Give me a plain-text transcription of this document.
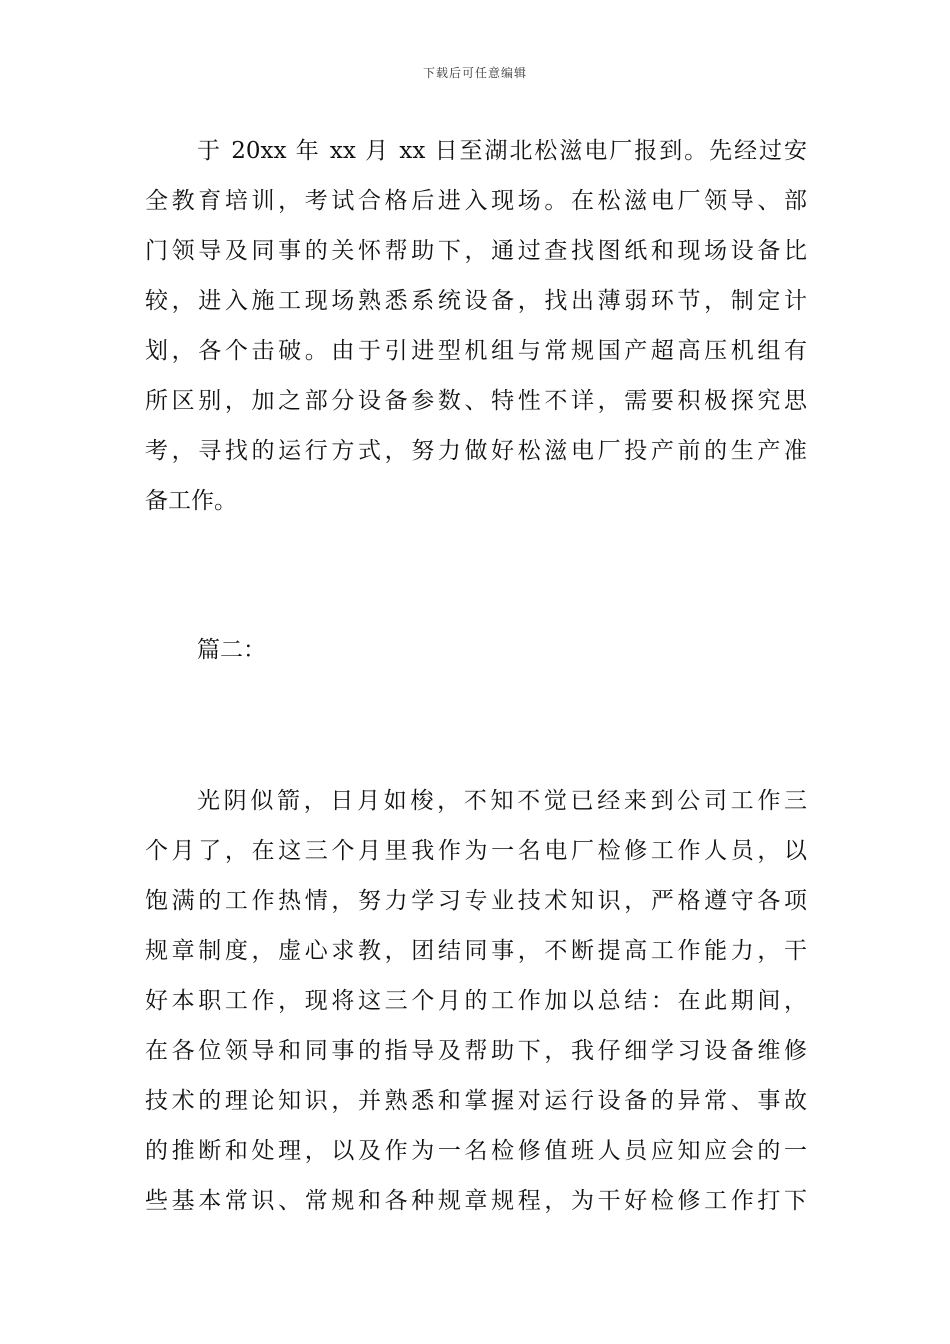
下载后可任意编辑
于 20xx 年 xx 月 xx 日至湖北松滋电厂报到。先经过安
全教育培训，考试合格后进入现场。在松滋电厂领导、部
门领导及同事的关怀帮助下，通过查找图纸和现场设备比
较，进入施工现场熟悉系统设备，找出薄弱环节，制定计
划，各个击破。由于引进型机组与常规国产超高压机组有
所区别，加之部分设备参数、特性不详，需要积极探究思
考，寻找的运行方式，努力做好松滋电厂投产前的生产准
备工作。
篇二：
光阴似箭，日月如梭，不知不觉已经来到公司工作三
个月了，在这三个月里我作为一名电厂检修工作人员，以
饱满的工作热情，努力学习专业技术知识，严格遵守各项
规章制度，虚心求教，团结同事，不断提高工作能力，干
好本职工作，现将这三个月的工作加以总结：在此期间，
在各位领导和同事的指导及帮助下，我仔细学习设备维修
技术的理论知识，并熟悉和掌握对运行设备的异常、事故
的推断和处理，以及作为一名检修值班人员应知应会的一
些基本常识、常规和各种规章规程，为干好检修工作打下
